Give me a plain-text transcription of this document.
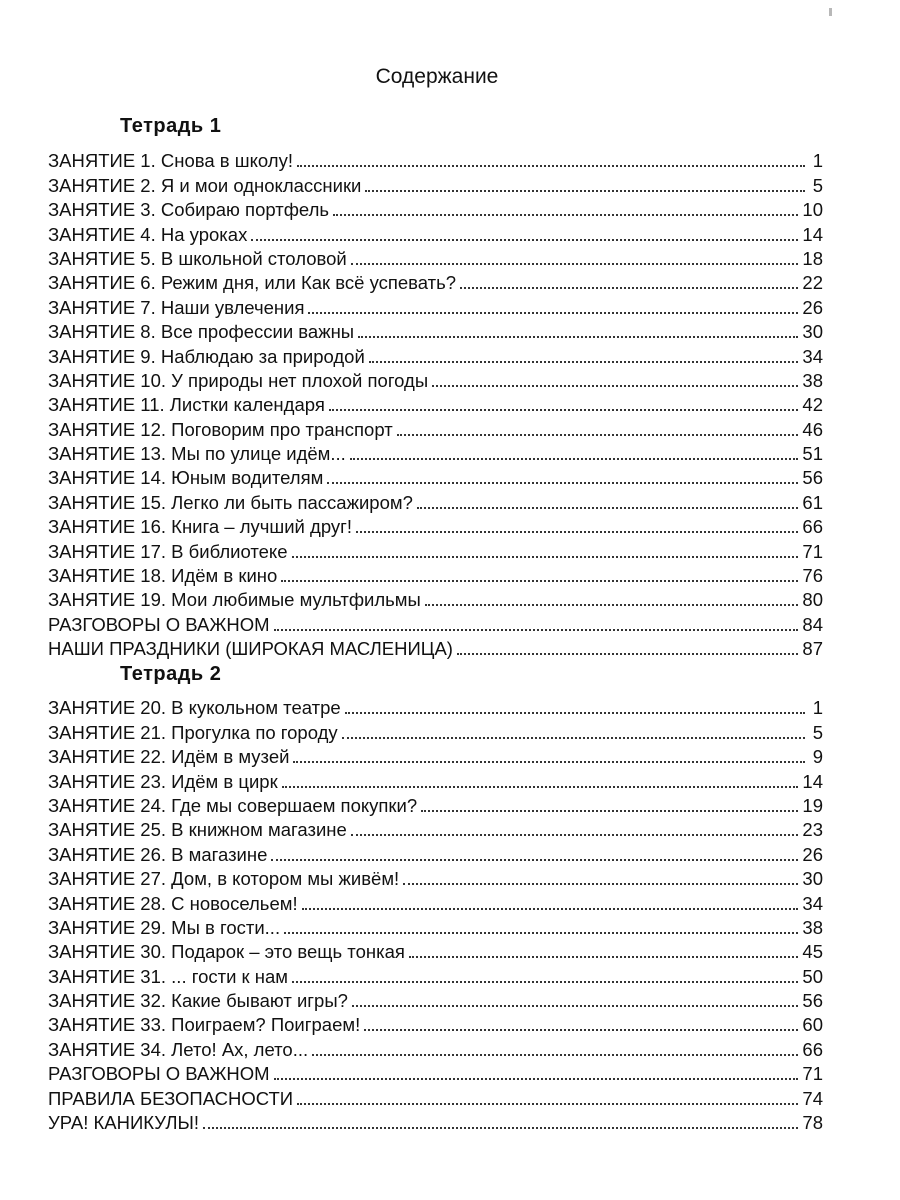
Содержание
Тетрадь 1
ЗАНЯТИЕ 1. Снова в школу!	1
ЗАНЯТИЕ 2. Я и мои одноклассники	5
ЗАНЯТИЕ 3. Собираю портфель	10
ЗАНЯТИЕ 4. На уроках	14
ЗАНЯТИЕ 5. В школьной столовой	18
ЗАНЯТИЕ 6. Режим дня, или Как всё успевать?	22
ЗАНЯТИЕ 7. Наши увлечения	26
ЗАНЯТИЕ 8. Все профессии важны	30
ЗАНЯТИЕ 9. Наблюдаю за природой	34
ЗАНЯТИЕ 10. У природы нет плохой погоды	38
ЗАНЯТИЕ 11. Листки календаря	42
ЗАНЯТИЕ 12. Поговорим про транспорт	46
ЗАНЯТИЕ 13. Мы по улице идём...	51
ЗАНЯТИЕ 14. Юным водителям	56
ЗАНЯТИЕ 15. Легко ли быть пассажиром?	61
ЗАНЯТИЕ 16. Книга – лучший друг!	66
ЗАНЯТИЕ 17. В библиотеке	71
ЗАНЯТИЕ 18. Идём в кино	76
ЗАНЯТИЕ 19. Мои любимые мультфильмы	80
РАЗГОВОРЫ О ВАЖНОМ	84
НАШИ ПРАЗДНИКИ (ШИРОКАЯ МАСЛЕНИЦА)	87
Тетрадь 2
ЗАНЯТИЕ 20. В кукольном театре	1
ЗАНЯТИЕ 21. Прогулка по городу	5
ЗАНЯТИЕ 22. Идём в музей	9
ЗАНЯТИЕ 23. Идём в цирк	14
ЗАНЯТИЕ 24. Где мы совершаем покупки?	19
ЗАНЯТИЕ 25. В книжном магазине	23
ЗАНЯТИЕ 26. В магазине	26
ЗАНЯТИЕ 27. Дом, в котором мы живём!	30
ЗАНЯТИЕ 28. С новосельем!	34
ЗАНЯТИЕ 29. Мы в гости...	38
ЗАНЯТИЕ 30. Подарок – это вещь тонкая	45
ЗАНЯТИЕ 31. ... гости к нам	50
ЗАНЯТИЕ 32. Какие бывают игры?	56
ЗАНЯТИЕ 33. Поиграем? Поиграем!	60
ЗАНЯТИЕ 34. Лето! Ах, лето...	66
РАЗГОВОРЫ О ВАЖНОМ	71
ПРАВИЛА БЕЗОПАСНОСТИ	74
УРА! КАНИКУЛЫ!	78
